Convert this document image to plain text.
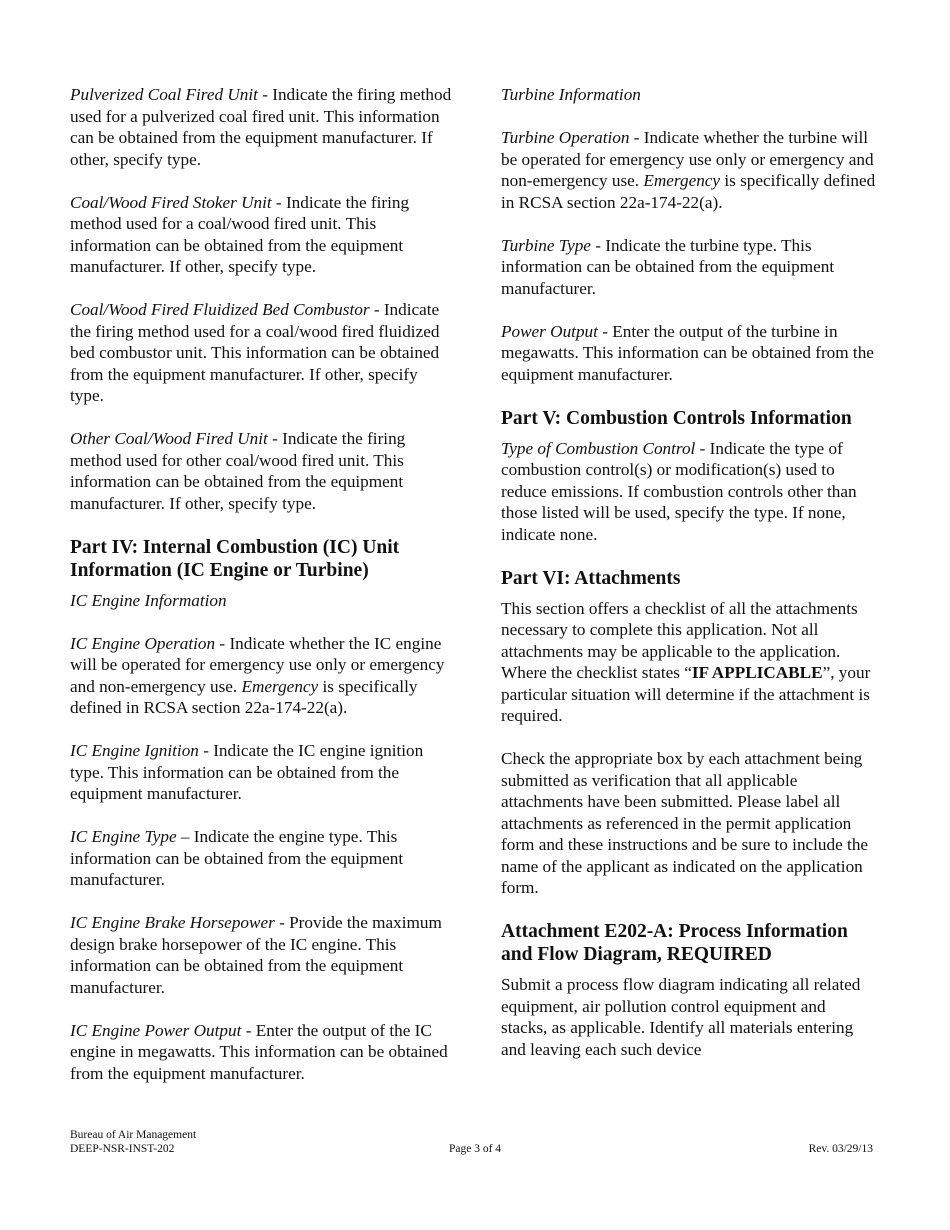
Pulverized Coal Fired Unit - Indicate the firing method used for a pulverized coal fired unit. This information can be obtained from the equipment manufacturer. If other, specify type.

Coal/Wood Fired Stoker Unit - Indicate the firing method used for a coal/wood fired unit. This information can be obtained from the equipment manufacturer. If other, specify type.

Coal/Wood Fired Fluidized Bed Combustor - Indicate the firing method used for a coal/wood fired fluidized bed combustor unit. This information can be obtained from the equipment manufacturer. If other, specify type.

Other Coal/Wood Fired Unit - Indicate the firing method used for other coal/wood fired unit. This information can be obtained from the equipment manufacturer. If other, specify type.

Part IV: Internal Combustion (IC) Unit Information (IC Engine or Turbine)

IC Engine Information

IC Engine Operation - Indicate whether the IC engine will be operated for emergency use only or emergency and non-emergency use. Emergency is specifically defined in RCSA section 22a-174-22(a).

IC Engine Ignition - Indicate the IC engine ignition type. This information can be obtained from the equipment manufacturer.

IC Engine Type – Indicate the engine type. This information can be obtained from the equipment manufacturer.

IC Engine Brake Horsepower - Provide the maximum design brake horsepower of the IC engine. This information can be obtained from the equipment manufacturer.

IC Engine Power Output - Enter the output of the IC engine in megawatts. This information can be obtained from the equipment manufacturer.

Turbine Information

Turbine Operation - Indicate whether the turbine will be operated for emergency use only or emergency and non-emergency use. Emergency is specifically defined in RCSA section 22a-174-22(a).

Turbine Type - Indicate the turbine type. This information can be obtained from the equipment manufacturer.

Power Output - Enter the output of the turbine in megawatts. This information can be obtained from the equipment manufacturer.

Part V: Combustion Controls Information

Type of Combustion Control - Indicate the type of combustion control(s) or modification(s) used to reduce emissions. If combustion controls other than those listed will be used, specify the type. If none, indicate none.

Part VI: Attachments

This section offers a checklist of all the attachments necessary to complete this application. Not all attachments may be applicable to the application. Where the checklist states “IF APPLICABLE”, your particular situation will determine if the attachment is required.

Check the appropriate box by each attachment being submitted as verification that all applicable attachments have been submitted. Please label all attachments as referenced in the permit application form and these instructions and be sure to include the name of the applicant as indicated on the application form.

Attachment E202-A: Process Information and Flow Diagram, REQUIRED

Submit a process flow diagram indicating all related equipment, air pollution control equipment and stacks, as applicable. Identify all materials entering and leaving each such device

Bureau of Air Management
DEEP-NSR-INST-202	Page 3 of 4	Rev. 03/29/13
